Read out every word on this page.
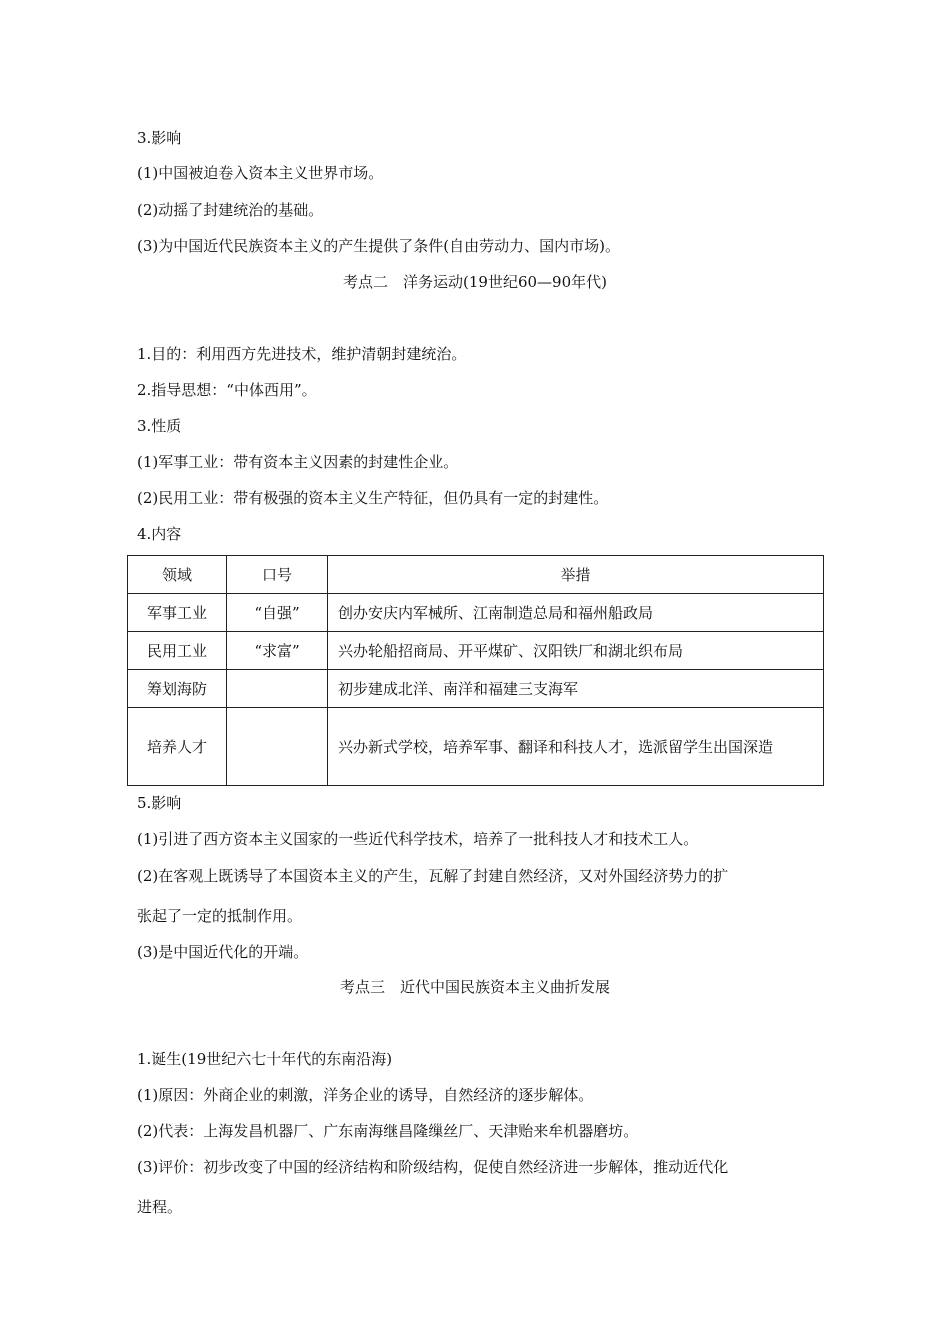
3.影响
(1)中国被迫卷入资本主义世界市场。
(2)动摇了封建统治的基础。
(3)为中国近代民族资本主义的产生提供了条件(自由劳动力、国内市场)。
考点二　洋务运动(19世纪60—90年代)
1.目的：利用西方先进技术，维护清朝封建统治。
2.指导思想：“中体西用”。
3.性质
(1)军事工业：带有资本主义因素的封建性企业。
(2)民用工业：带有极强的资本主义生产特征，但仍具有一定的封建性。
4.内容
领域	口号	举措
军事工业	“自强”	创办安庆内军械所、江南制造总局和福州船政局
民用工业	“求富”	兴办轮船招商局、开平煤矿、汉阳铁厂和湖北织布局
筹划海防		初步建成北洋、南洋和福建三支海军
培养人才		兴办新式学校，培养军事、翻译和科技人才，选派留学生出国深造
5.影响
(1)引进了西方资本主义国家的一些近代科学技术，培养了一批科技人才和技术工人。
(2)在客观上既诱导了本国资本主义的产生，瓦解了封建自然经济，又对外国经济势力的扩
张起了一定的抵制作用。
(3)是中国近代化的开端。
考点三　近代中国民族资本主义曲折发展
1.诞生(19世纪六七十年代的东南沿海)
(1)原因：外商企业的刺激，洋务企业的诱导，自然经济的逐步解体。
(2)代表：上海发昌机器厂、广东南海继昌隆缫丝厂、天津贻来牟机器磨坊。
(3)评价：初步改变了中国的经济结构和阶级结构，促使自然经济进一步解体，推动近代化
进程。
